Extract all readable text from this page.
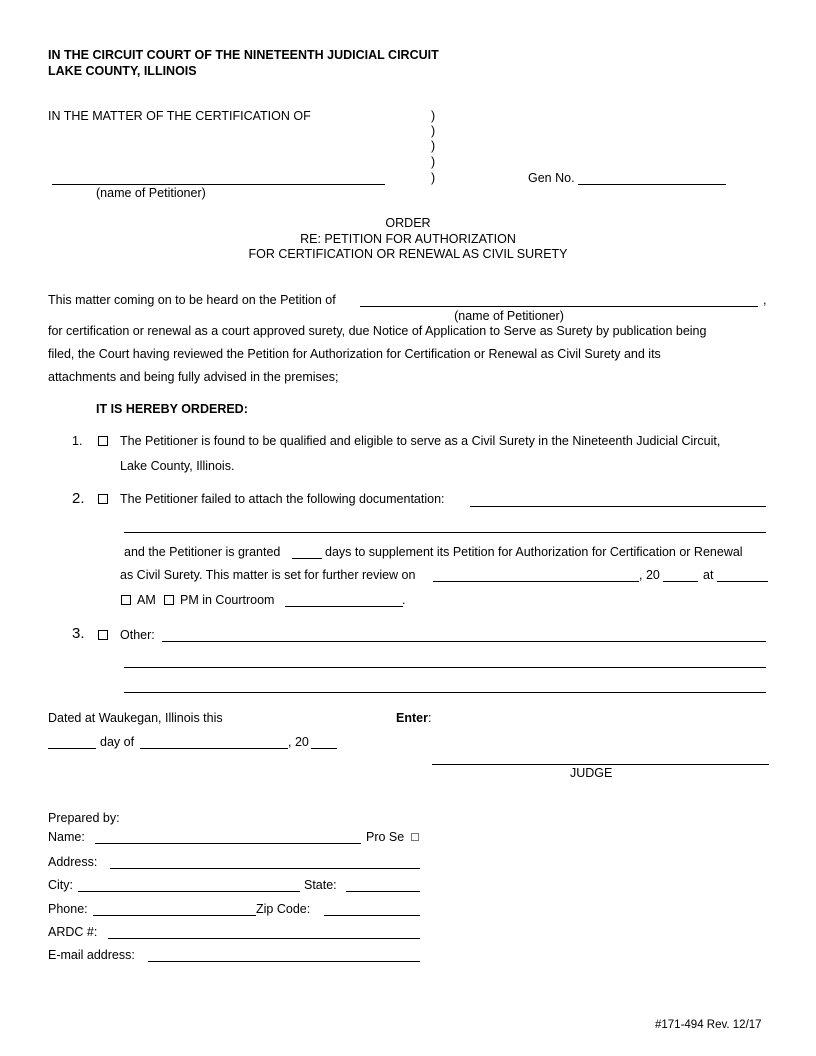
IN THE CIRCUIT COURT OF THE NINETEENTH JUDICIAL CIRCUIT
LAKE COUNTY, ILLINOIS
IN THE MATTER OF THE CERTIFICATION OF	)
)
)
)
)
(name of Petitioner)
Gen No.
ORDER
RE: PETITION FOR AUTHORIZATION
FOR CERTIFICATION OR RENEWAL AS CIVIL SURETY
This matter coming on to be heard on the Petition of	,
(name of Petitioner)
for certification or renewal as a court approved surety, due Notice of Application to Serve as Surety by publication being
filed, the Court having reviewed the Petition for Authorization for Certification or Renewal as Civil Surety and its
attachments and being fully advised in the premises;
IT IS HEREBY ORDERED:
1.	The Petitioner is found to be qualified and eligible to serve as a Civil Surety in the Nineteenth Judicial Circuit,
Lake County, Illinois.
2.	The Petitioner failed to attach the following documentation:
and the Petitioner is granted	days to supplement its Petition for Authorization for Certification or Renewal
as Civil Surety. This matter is set for further review on	, 20	at
AM PM in Courtroom	.
3.	Other:
Dated at Waukegan, Illinois this	Enter :
day of	, 20
JUDGE
Prepared by:
Name:	Pro Se
Address:
City:	State:
Phone:	Zip Code:
ARDC #:
E-mail address:
#171-494 Rev. 12/17
